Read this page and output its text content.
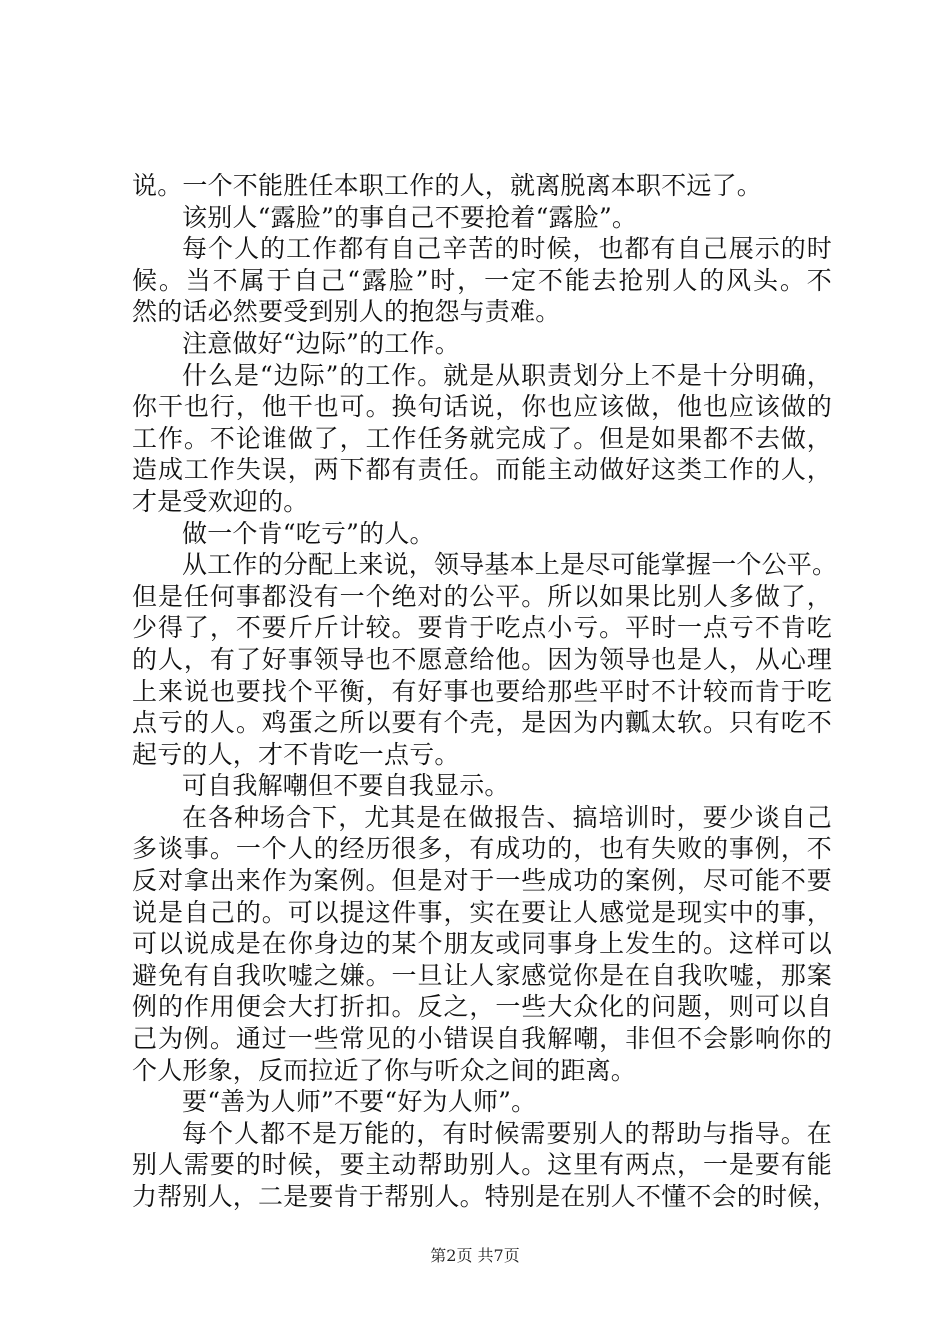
说。一个不能胜任本职工作的人，就离脱离本职不远了。
该别人“露脸”的事自己不要抢着“露脸”。
每个人的工作都有自己辛苦的时候，也都有自己展示的时
候。当不属于自己“露脸”时，一定不能去抢别人的风头。不
然的话必然要受到别人的抱怨与责难。
注意做好“边际”的工作。
什么是“边际”的工作。就是从职责划分上不是十分明确，
你干也行，他干也可。换句话说，你也应该做，他也应该做的
工作。不论谁做了，工作任务就完成了。但是如果都不去做，
造成工作失误，两下都有责任。而能主动做好这类工作的人，
才是受欢迎的。
做一个肯“吃亏”的人。
从工作的分配上来说，领导基本上是尽可能掌握一个公平。
但是任何事都没有一个绝对的公平。所以如果比别人多做了，
少得了，不要斤斤计较。要肯于吃点小亏。平时一点亏不肯吃
的人，有了好事领导也不愿意给他。因为领导也是人，从心理
上来说也要找个平衡，有好事也要给那些平时不计较而肯于吃
点亏的人。鸡蛋之所以要有个壳，是因为内瓤太软。只有吃不
起亏的人，才不肯吃一点亏。
可自我解嘲但不要自我显示。
在各种场合下，尤其是在做报告、搞培训时，要少谈自己
多谈事。一个人的经历很多，有成功的，也有失败的事例，不
反对拿出来作为案例。但是对于一些成功的案例，尽可能不要
说是自己的。可以提这件事，实在要让人感觉是现实中的事，
可以说成是在你身边的某个朋友或同事身上发生的。这样可以
避免有自我吹嘘之嫌。一旦让人家感觉你是在自我吹嘘，那案
例的作用便会大打折扣。反之，一些大众化的问题，则可以自
己为例。通过一些常见的小错误自我解嘲，非但不会影响你的
个人形象，反而拉近了你与听众之间的距离。
要“善为人师”不要“好为人师”。
每个人都不是万能的，有时候需要别人的帮助与指导。在
别人需要的时候，要主动帮助别人。这里有两点，一是要有能
力帮别人，二是要肯于帮别人。特别是在别人不懂不会的时候，
第2页 共7页
